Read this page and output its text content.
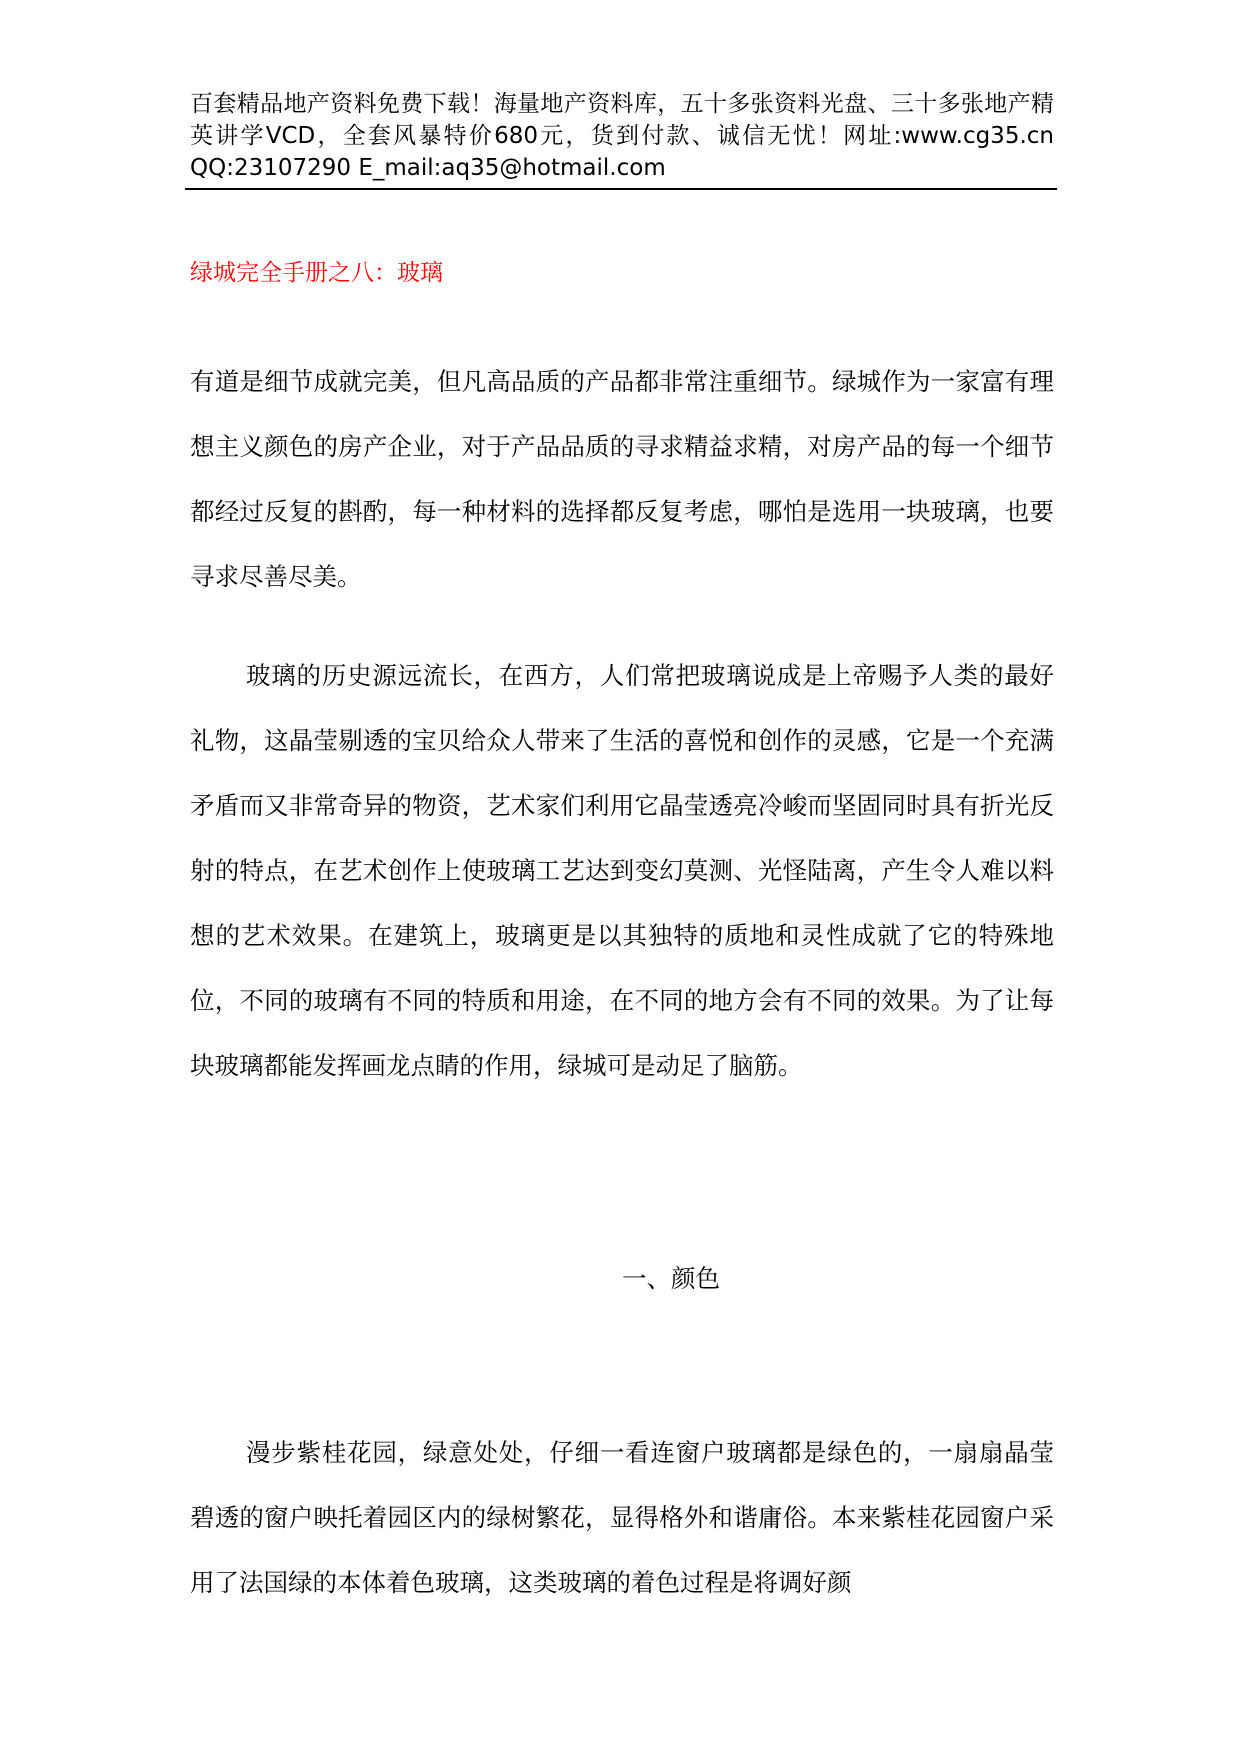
百套精品地产资料免费下载！海量地产资料库，五十多张资料光盘、三十多张地产精英讲学VCD，全套风暴特价680元，货到付款、诚信无忧！网址:www.cg35.cn QQ:23107290 E_mail:aq35@hotmail.com
绿城完全手册之八：玻璃

有道是细节成就完美，但凡高品质的产品都非常注重细节。绿城作为一家富有理想主义颜色的房产企业，对于产品品质的寻求精益求精，对房产品的每一个细节都经过反复的斟酌，每一种材料的选择都反复考虑，哪怕是选用一块玻璃，也要寻求尽善尽美。

玻璃的历史源远流长，在西方，人们常把玻璃说成是上帝赐予人类的最好礼物，这晶莹剔透的宝贝给众人带来了生活的喜悦和创作的灵感，它是一个充满矛盾而又非常奇异的物资，艺术家们利用它晶莹透亮冷峻而坚固同时具有折光反射的特点，在艺术创作上使玻璃工艺达到变幻莫测、光怪陆离，产生令人难以料想的艺术效果。在建筑上，玻璃更是以其独特的质地和灵性成就了它的特殊地位，不同的玻璃有不同的特质和用途，在不同的地方会有不同的效果。为了让每块玻璃都能发挥画龙点睛的作用，绿城可是动足了脑筋。

一、颜色

漫步紫桂花园，绿意处处，仔细一看连窗户玻璃都是绿色的，一扇扇晶莹碧透的窗户映托着园区内的绿树繁花，显得格外和谐庸俗。本来紫桂花园窗户采用了法国绿的本体着色玻璃，这类玻璃的着色过程是将调好颜
